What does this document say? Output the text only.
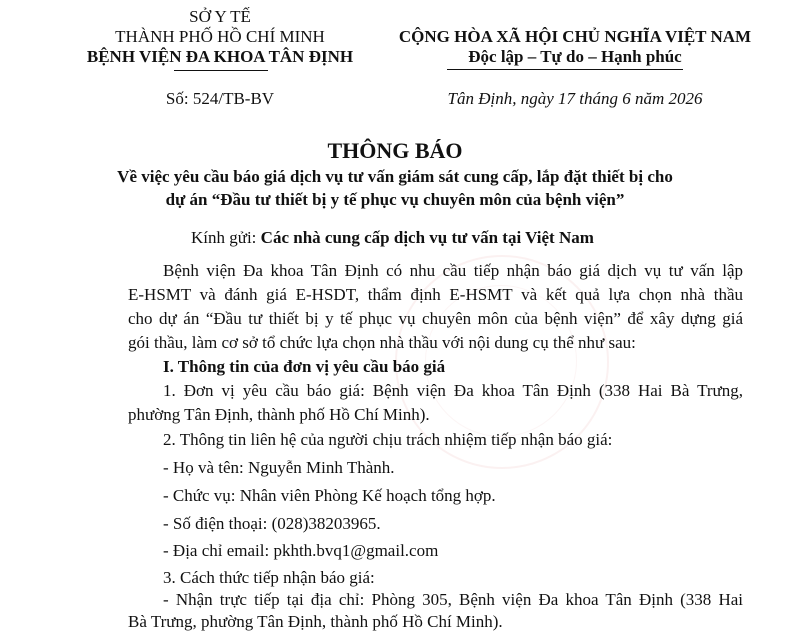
SỞ Y TẾ
THÀNH PHỐ HỒ CHÍ MINH
BỆNH VIỆN ĐA KHOA TÂN ĐỊNH
Số: 524/TB-BV
CỘNG HÒA XÃ HỘI CHỦ NGHĨA VIỆT NAM
Độc lập – Tự do – Hạnh phúc
Tân Định, ngày 17 tháng 6 năm 2026
THÔNG BÁO
Về việc yêu cầu báo giá dịch vụ tư vấn giám sát cung cấp, lắp đặt thiết bị cho
dự án “Đầu tư thiết bị y tế phục vụ chuyên môn của bệnh viện”
Kính gửi: Các nhà cung cấp dịch vụ tư vấn tại Việt Nam
Bệnh viện Đa khoa Tân Định có nhu cầu tiếp nhận báo giá dịch vụ tư vấn lập
E-HSMT và đánh giá E-HSDT, thẩm định E-HSMT và kết quả lựa chọn nhà thầu
cho dự án “Đầu tư thiết bị y tế phục vụ chuyên môn của bệnh viện” để xây dựng giá
gói thầu, làm cơ sở tổ chức lựa chọn nhà thầu với nội dung cụ thể như sau:
I. Thông tin của đơn vị yêu cầu báo giá
1. Đơn vị yêu cầu báo giá: Bệnh viện Đa khoa Tân Định (338 Hai Bà Trưng,
phường Tân Định, thành phố Hồ Chí Minh).
2. Thông tin liên hệ của người chịu trách nhiệm tiếp nhận báo giá:
- Họ và tên: Nguyễn Minh Thành.
- Chức vụ: Nhân viên Phòng Kế hoạch tổng hợp.
- Số điện thoại: (028)38203965.
- Địa chỉ email: pkhth.bvq1@gmail.com
3. Cách thức tiếp nhận báo giá:
- Nhận trực tiếp tại địa chỉ: Phòng 305, Bệnh viện Đa khoa Tân Định (338 Hai
Bà Trưng, phường Tân Định, thành phố Hồ Chí Minh).
